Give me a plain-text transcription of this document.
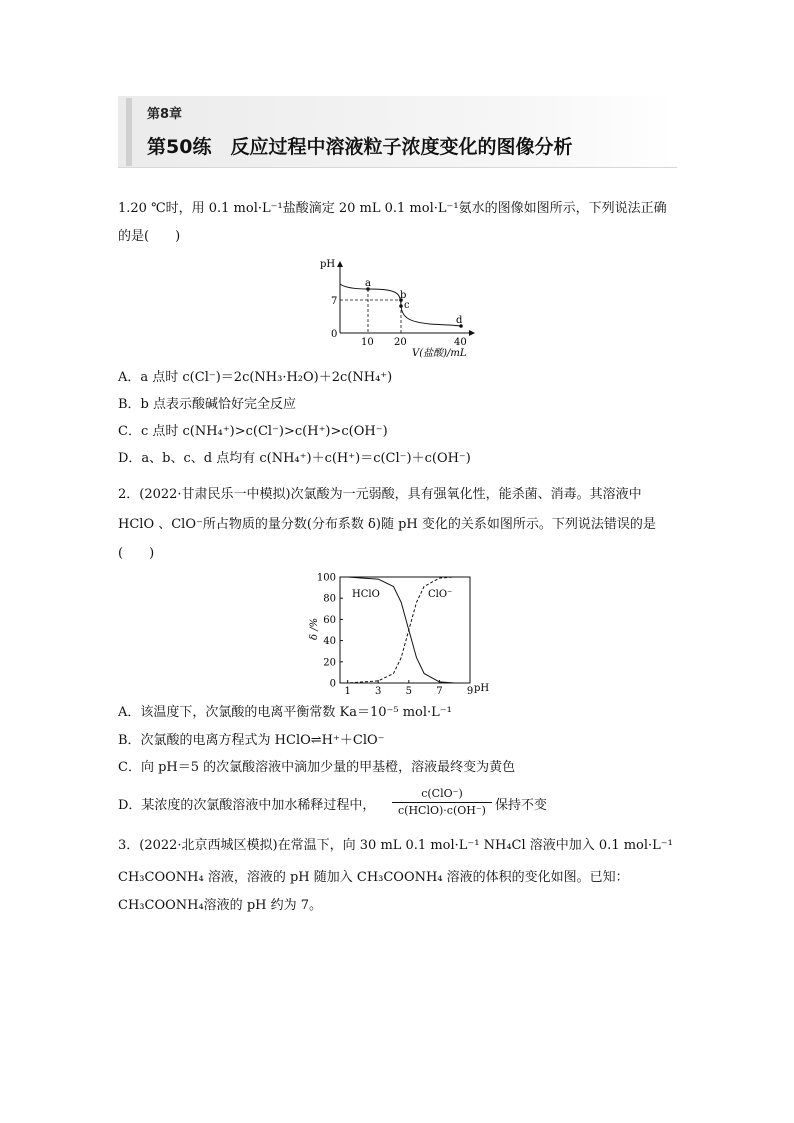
第8章
第50练　反应过程中溶液粒子浓度变化的图像分析
1.20 ℃时，用 0.1 mol·L⁻¹盐酸滴定 20 mL 0.1 mol·L⁻¹氨水的图像如图所示，下列说法正确
的是(　　)
pH
7
0
10 20	40
V(盐酸)/mL
a
b
c
d
A．a 点时 c(Cl⁻)＝2c(NH₃·H₂O)＋2c(NH₄⁺)
B．b 点表示酸碱恰好完全反应
C．c 点时 c(NH₄⁺)>c(Cl⁻)>c(H⁺)>c(OH⁻)
D．a、b、c、d 点均有 c(NH₄⁺)＋c(H⁺)＝c(Cl⁻)＋c(OH⁻)
2．(2022·甘肃民乐一中模拟)次氯酸为一元弱酸，具有强氧化性，能杀菌、消毒。其溶液中
HClO 、ClO⁻所占物质的量分数(分布系数 δ)随 pH 变化的关系如图所示。下列说法错误的是
(　　)
0
20
40
60
80
100
1 3 5 7 9
δ /%
pH
HClO	ClO⁻
A．该温度下，次氯酸的电离平衡常数 Ka＝10⁻⁵ mol·L⁻¹
B．次氯酸的电离方程式为 HClO⇌H⁺＋ClO⁻
C．向 pH＝5 的次氯酸溶液中滴加少量的甲基橙，溶液最终变为黄色
D．某浓度的次氯酸溶液中加水稀释过程中，
c(ClO⁻)
c(HClO)·c(OH⁻) 保持不变
3．(2022·北京西城区模拟)在常温下，向 30 mL 0.1 mol·L⁻¹ NH₄Cl 溶液中加入 0.1 mol·L⁻¹
CH₃COONH₄ 溶液，溶液的 pH 随加入 CH₃COONH₄ 溶液的体积的变化如图。已知：
CH₃COONH₄溶液的 pH 约为 7。
